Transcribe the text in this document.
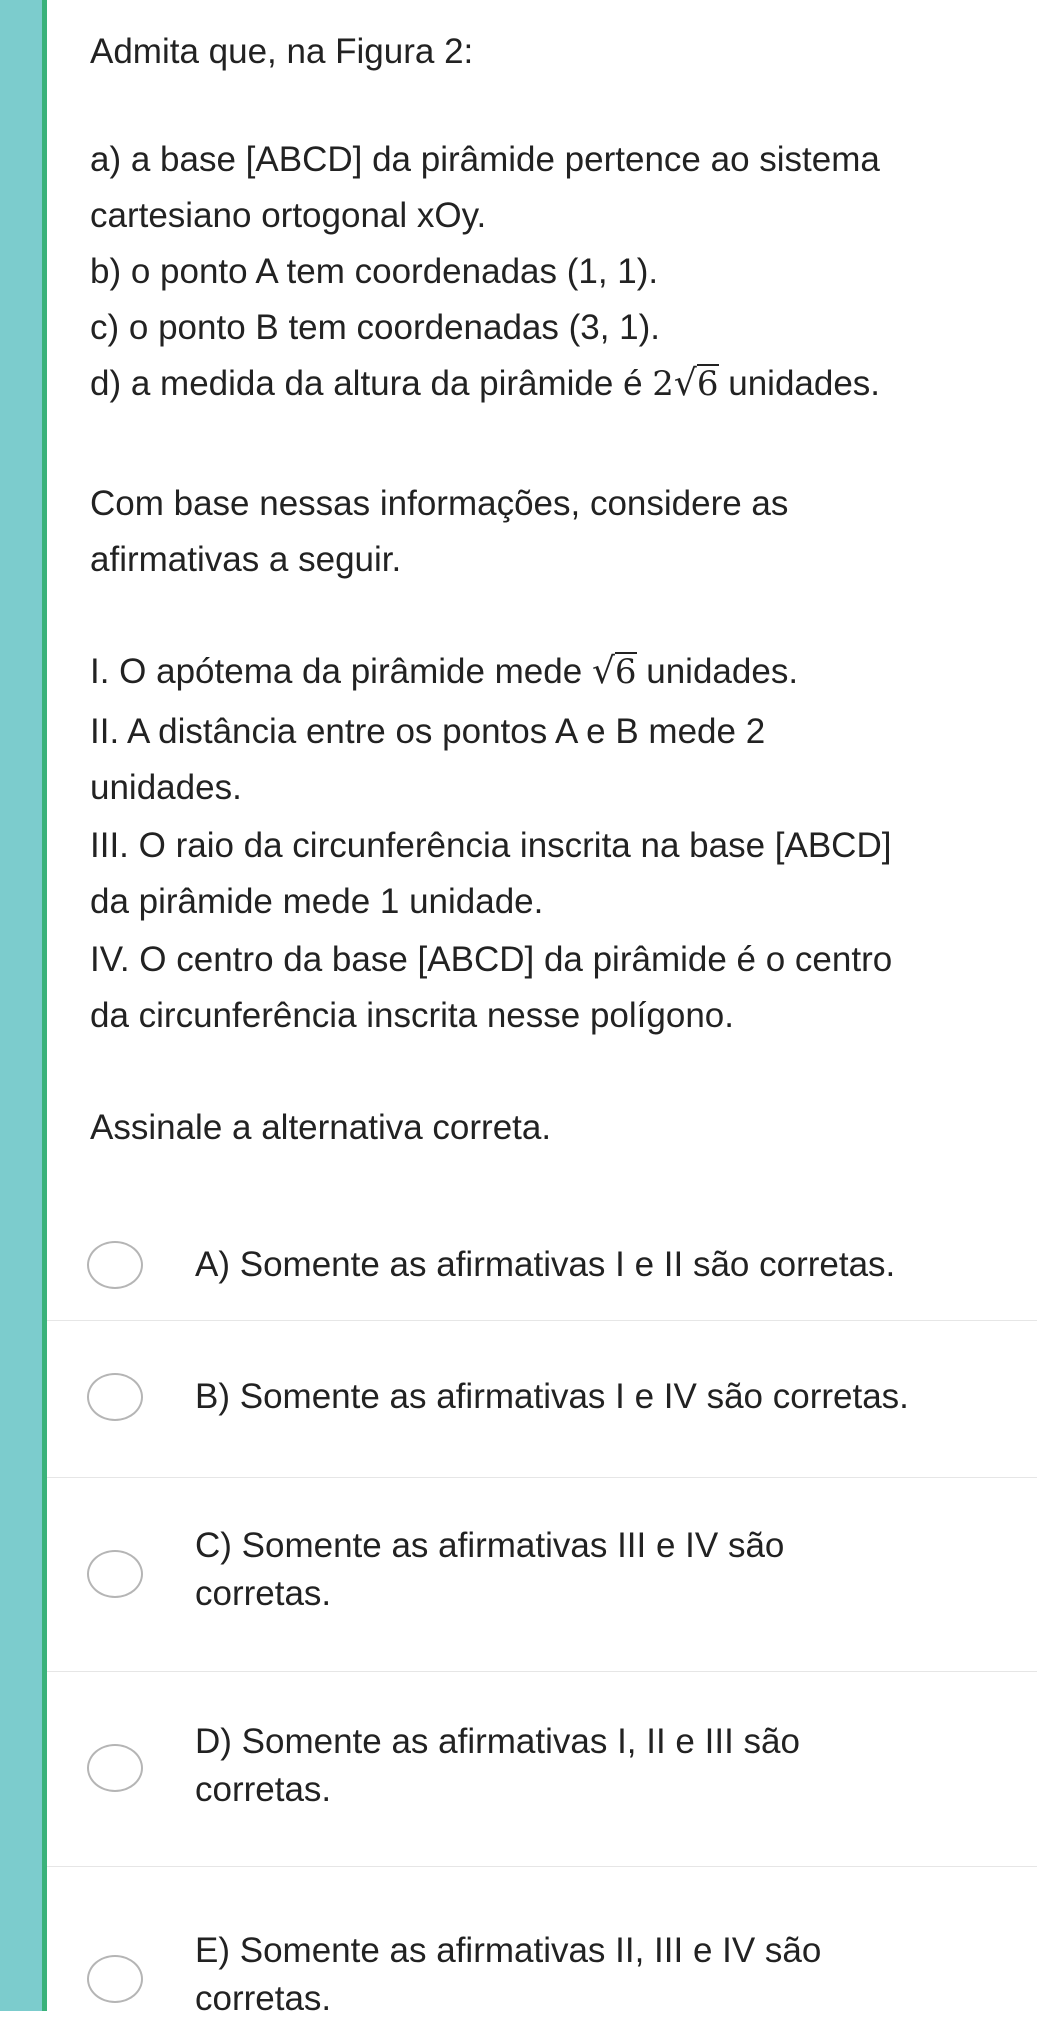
Admita que, na Figura 2:
a) a base [ABCD] da pirâmide pertence ao sistema
cartesiano ortogonal xOy.
b) o ponto A tem coordenadas (1, 1).
c) o ponto B tem coordenadas (3, 1).
d) a medida da altura da pirâmide é 2√6 unidades.
Com base nessas informações, considere as
afirmativas a seguir.
I. O apótema da pirâmide mede √6 unidades.
II. A distância entre os pontos A e B mede 2
unidades.
III. O raio da circunferência inscrita na base [ABCD]
da pirâmide mede 1 unidade.
IV. O centro da base [ABCD] da pirâmide é o centro
da circunferência inscrita nesse polígono.
Assinale a alternativa correta.
A) Somente as afirmativas I e II são corretas.
B) Somente as afirmativas I e IV são corretas.
C) Somente as afirmativas III e IV são
corretas.
D) Somente as afirmativas I, II e III são
corretas.
E) Somente as afirmativas II, III e IV são
corretas.
